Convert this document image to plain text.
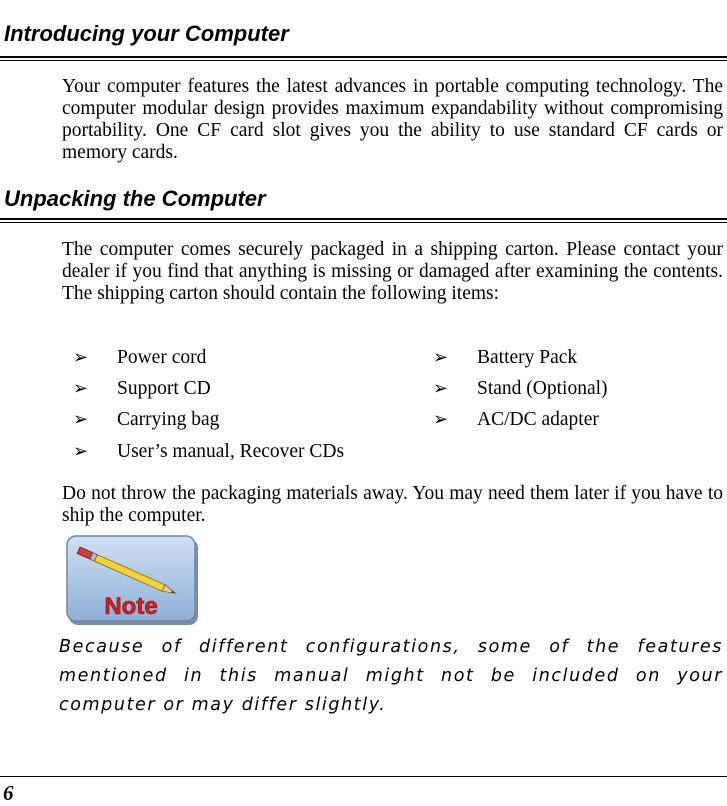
Introducing your Computer

Your computer features the latest advances in portable computing technology. The computer modular design provides maximum expandability without compromising portability. One CF card slot gives you the ability to use standard CF cards or memory cards.

Unpacking the Computer

The computer comes securely packaged in a shipping carton. Please contact your dealer if you find that anything is missing or damaged after examining the contents. The shipping carton should contain the following items:

➢ Power cord	➢ Battery Pack
➢ Support CD	➢ Stand (Optional)
➢ Carrying bag	➢ AC/DC adapter
➢ User’s manual, Recover CDs

Do not throw the packaging materials away. You may need them later if you have to ship the computer.

Note

Because of different configurations, some of the features mentioned in this manual might not be included on your computer or may differ slightly.

6
